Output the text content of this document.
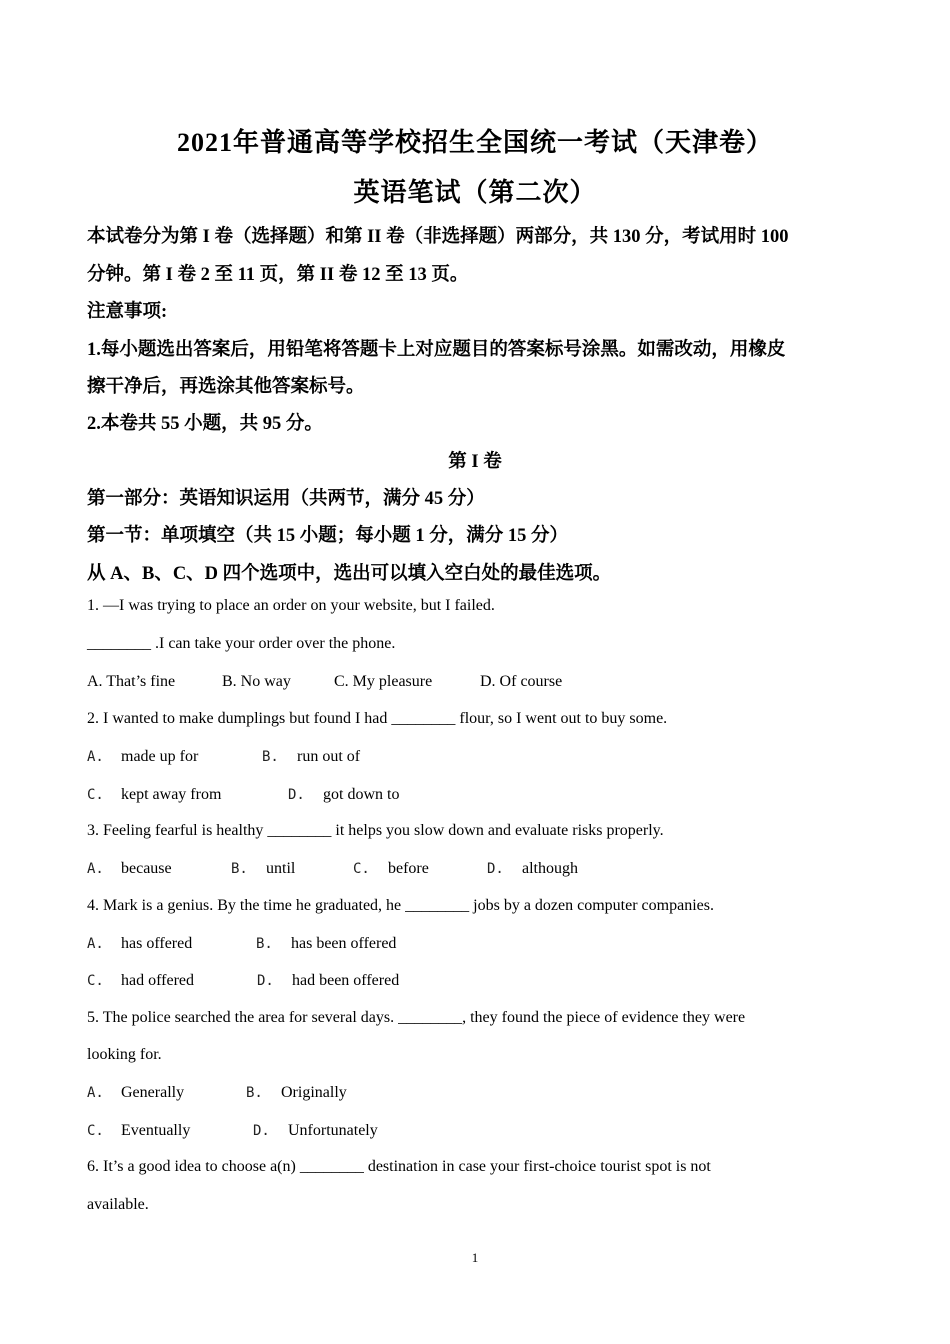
2021年普通高等学校招生全国统一考试（天津卷）
英语笔试（第二次）
本试卷分为第 I 卷（选择题）和第 II 卷（非选择题）两部分，共 130 分，考试用时 100
分钟。第 I 卷 2 至 11 页，第 II 卷 12 至 13 页。
注意事项:
1.每小题选出答案后，用铅笔将答题卡上对应题目的答案标号涂黑。如需改动，用橡皮
擦干净后，再选涂其他答案标号。
2.本卷共 55 小题，共 95 分。
第 I 卷
第一部分：英语知识运用（共两节，满分 45 分）
第一节：单项填空（共 15 小题；每小题 1 分，满分 15 分）
从 A、B、C、D 四个选项中，选出可以填入空白处的最佳选项。
1. —I was trying to place an order on your website, but I failed.
________ .I can take your order over the phone.
A. That’s fine	B. No way	C. My pleasure	D. Of course
2. I wanted to make dumplings but found I had ________ flour, so I went out to buy some.
A. made up for	B. run out of
C. kept away from	D. got down to
3. Feeling fearful is healthy ________ it helps you slow down and evaluate risks properly.
A. because	B. until	C. before	D. although
4. Mark is a genius. By the time he graduated, he ________ jobs by a dozen computer companies.
A. has offered	B. has been offered
C. had offered	D. had been offered
5. The police searched the area for several days. ________, they found the piece of evidence they were
looking for.
A. Generally	B. Originally
C. Eventually	D. Unfortunately
6. It’s a good idea to choose a(n) ________ destination in case your first-choice tourist spot is not
available.
1
